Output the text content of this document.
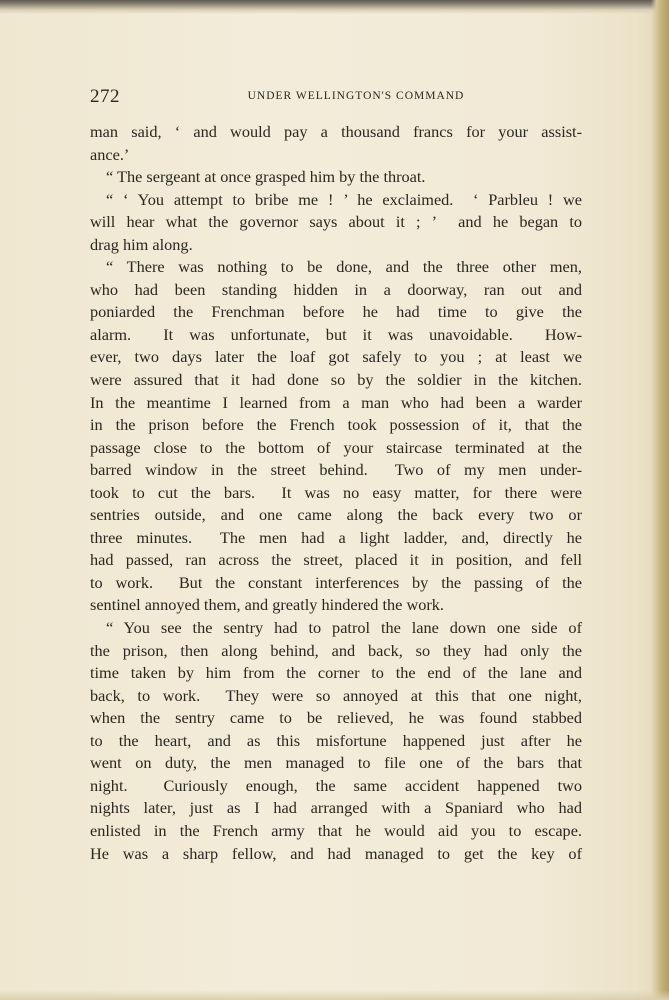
272	UNDER WELLINGTON'S COMMAND
man said, ‘ and would pay a thousand francs for your assist-
ance.’
“ The sergeant at once grasped him by the throat.
“ ‘ You attempt to bribe me ! ’ he exclaimed.  ‘ Parbleu ! we
will hear what the governor says about it ; ’  and he began to
drag him along.
“ There was nothing to be done, and the three other men,
who had been standing hidden in a doorway, ran out and
poniarded the Frenchman before he had time to give the
alarm.  It was unfortunate, but it was unavoidable.  How-
ever, two days later the loaf got safely to you ; at least we
were assured that it had done so by the soldier in the kitchen.
In the meantime I learned from a man who had been a warder
in the prison before the French took possession of it, that the
passage close to the bottom of your staircase terminated at the
barred window in the street behind.  Two of my men under-
took to cut the bars.  It was no easy matter, for there were
sentries outside, and one came along the back every two or
three minutes.  The men had a light ladder, and, directly he
had passed, ran across the street, placed it in position, and fell
to work.  But the constant interferences by the passing of the
sentinel annoyed them, and greatly hindered the work.
“ You see the sentry had to patrol the lane down one side of
the prison, then along behind, and back, so they had only the
time taken by him from the corner to the end of the lane and
back, to work.  They were so annoyed at this that one night,
when the sentry came to be relieved, he was found stabbed
to the heart, and as this misfortune happened just after he
went on duty, the men managed to file one of the bars that
night.  Curiously enough, the same accident happened two
nights later, just as I had arranged with a Spaniard who had
enlisted in the French army that he would aid you to escape.
He was a sharp fellow, and had managed to get the key of
